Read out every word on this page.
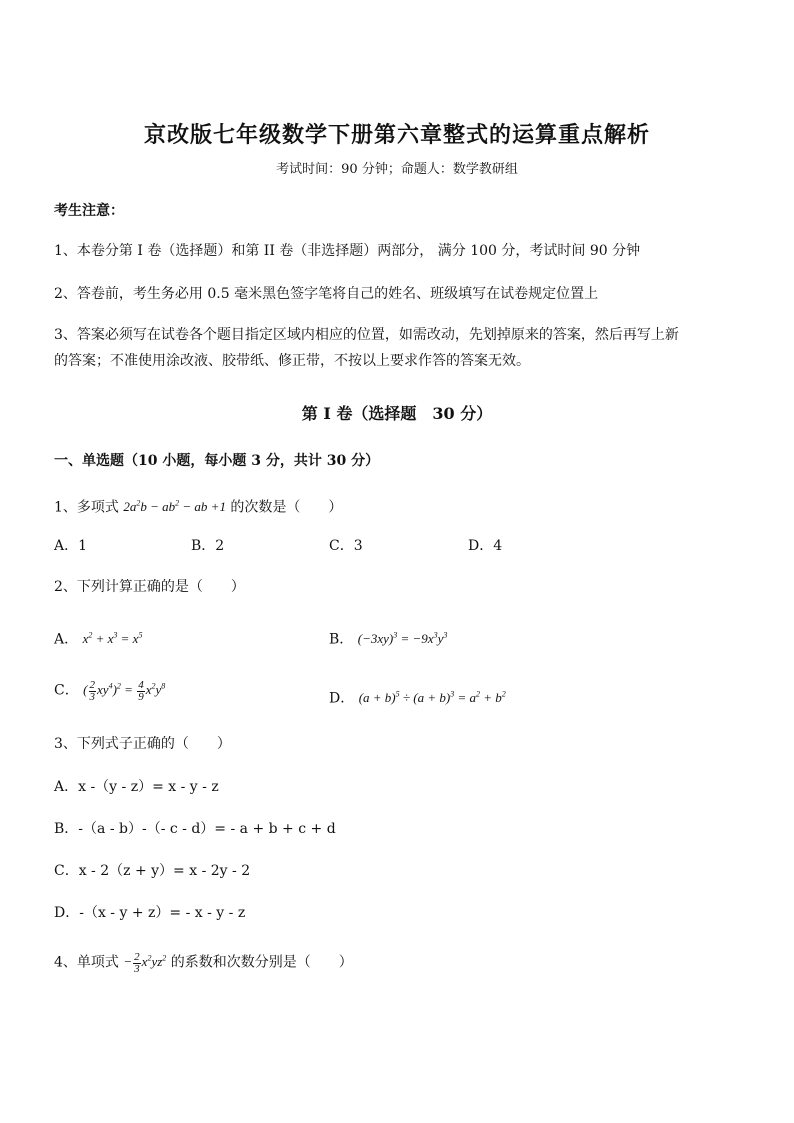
京改版七年级数学下册第六章整式的运算重点解析
考试时间：90 分钟；命题人：数学教研组
考生注意：
1、本卷分第 I 卷（选择题）和第 II 卷（非选择题）两部分， 满分 100 分，考试时间 90 分钟
2、答卷前，考生务必用 0.5 毫米黑色签字笔将自己的姓名、班级填写在试卷规定位置上
3、答案必须写在试卷各个题目指定区域内相应的位置，如需改动，先划掉原来的答案，然后再写上新
的答案；不准使用涂改液、胶带纸、修正带，不按以上要求作答的答案无效。
第 I 卷（选择题　30 分）
一、单选题（10 小题，每小题 3 分，共计 30 分）
1、多项式 $2a^2b - ab^2$ − ab +1 的次数是（　　）
A．1	B．2	C．3	D．4
2、下列计算正确的是（　　）
A． $x^2 + x^3 = x^5$	B． $(-3xy)^3 = -9x^3y^3$
C． ( $\frac{2}{3} xy^4)^2 = \frac{4}{9} x^2y^8$
D． $(a + b)^5 \div (a + b)^3 = a^2 + b^2$
3、下列式子正确的（　　）
A．x -（y - z）= x - y - z
B．-（a - b）-（- c - d）= - a + b + c + d
C．x - 2（z + y）= x - 2y - 2
D．-（x - y + z）= - x - y - z
4、单项式 − $\frac{2}{3} x^2yz^2$ 的系数和次数分别是（　　）
